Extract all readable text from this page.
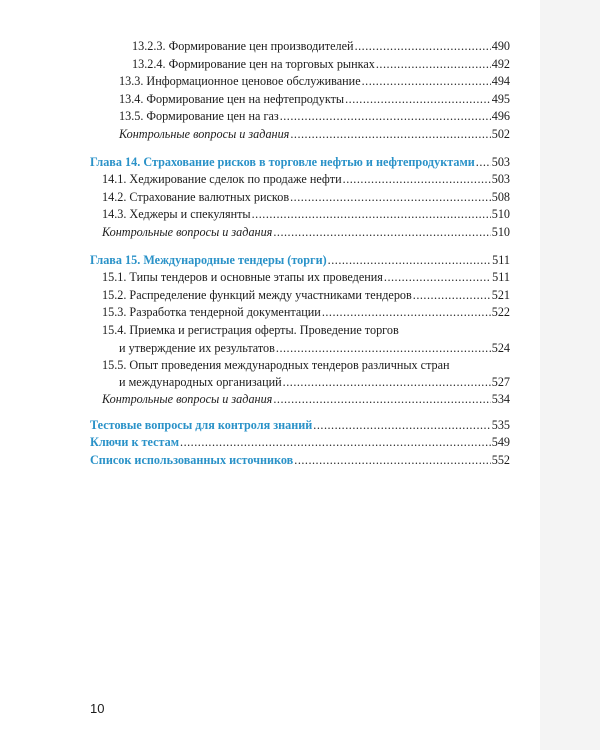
13.2.3. Формирование цен производителей .....	490
13.2.4. Формирование цен на торговых рынках .....	492
13.3. Информационное ценовое обслуживание .....	494
13.4. Формирование цен на нефтепродукты .....	495
13.5. Формирование цен на газ .....	496
Контрольные вопросы и задания .....	502
Глава 14. Страхование рисков в торговле нефтью и нефтепродуктами ..... 503
14.1. Хеджирование сделок по продаже нефти .....	503
14.2. Страхование валютных рисков .....	508
14.3. Хеджеры и спекулянты .....	510
Контрольные вопросы и задания .....	510
Глава 15. Международные тендеры (торги) .....	511
15.1. Типы тендеров и основные этапы их проведения .....	511
15.2. Распределение функций между участниками тендеров .....	521
15.3. Разработка тендерной документации .....	522
15.4. Приемка и регистрация оферты. Проведение торгов
и утверждение их результатов .....	524
15.5. Опыт проведения международных тендеров различных стран
и международных организаций .....	527
Контрольные вопросы и задания .....	534
Тестовые вопросы для контроля знаний .....	535
Ключи к тестам .....	549
Список использованных источников .....	552
10
